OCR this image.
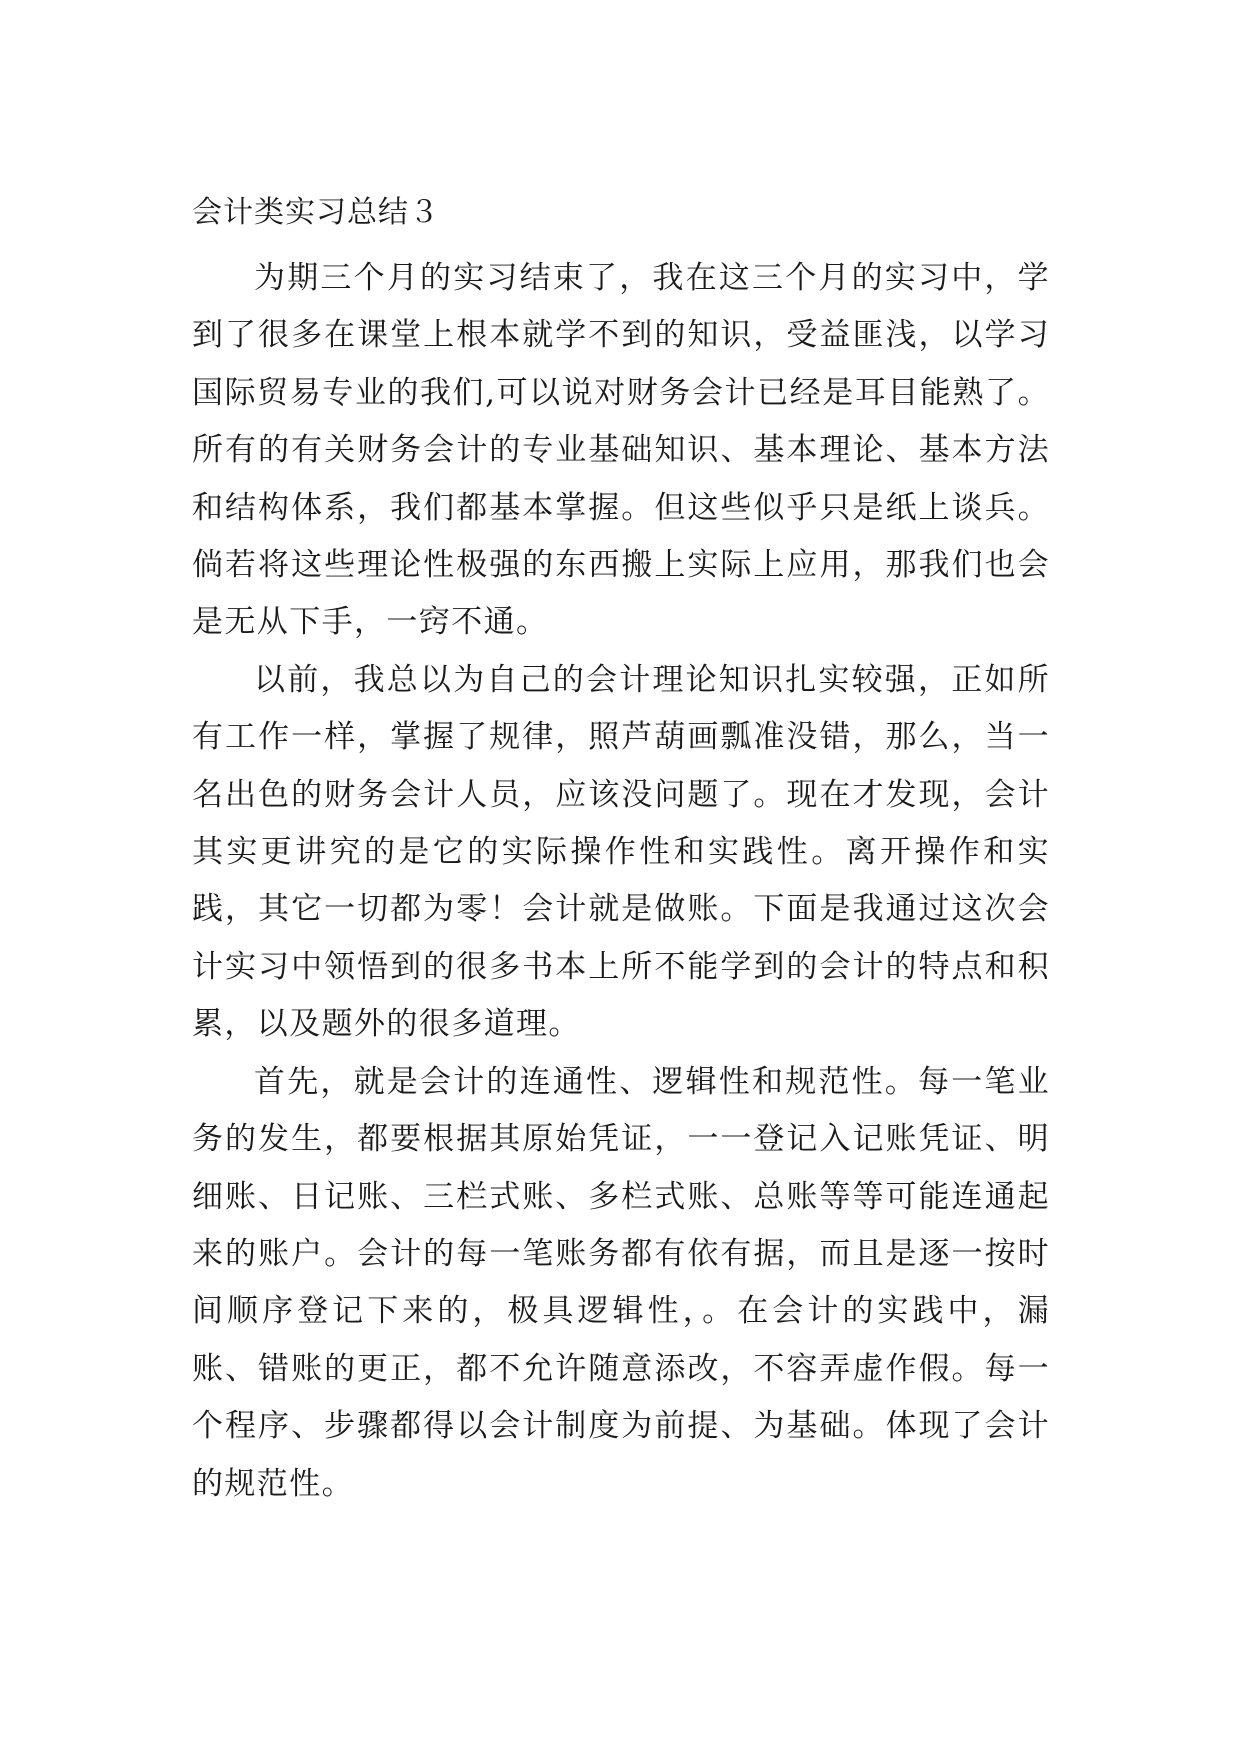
会计类实习总结３

为期三个月的实习结束了，我在这三个月的实习中，学到了很多在课堂上根本就学不到的知识，受益匪浅，以学习国际贸易专业的我们,可以说对财务会计已经是耳目能熟了。所有的有关财务会计的专业基础知识、基本理论、基本方法和结构体系，我们都基本掌握。但这些似乎只是纸上谈兵。倘若将这些理论性极强的东西搬上实际上应用，那我们也会是无从下手，一窍不通。

以前，我总以为自己的会计理论知识扎实较强，正如所有工作一样，掌握了规律，照芦葫画瓢准没错，那么，当一名出色的财务会计人员，应该没问题了。现在才发现，会计其实更讲究的是它的实际操作性和实践性。离开操作和实践，其它一切都为零！会计就是做账。下面是我通过这次会计实习中领悟到的很多书本上所不能学到的会计的特点和积累，以及题外的很多道理。

首先，就是会计的连通性、逻辑性和规范性。每一笔业务的发生，都要根据其原始凭证，一一登记入记账凭证、明细账、日记账、三栏式账、多栏式账、总账等等可能连通起来的账户。会计的每一笔账务都有依有据，而且是逐一按时间顺序登记下来的，极具逻辑性，。在会计的实践中，漏账、错账的更正，都不允许随意添改，不容弄虚作假。每一个程序、步骤都得以会计制度为前提、为基础。体现了会计的规范性。
